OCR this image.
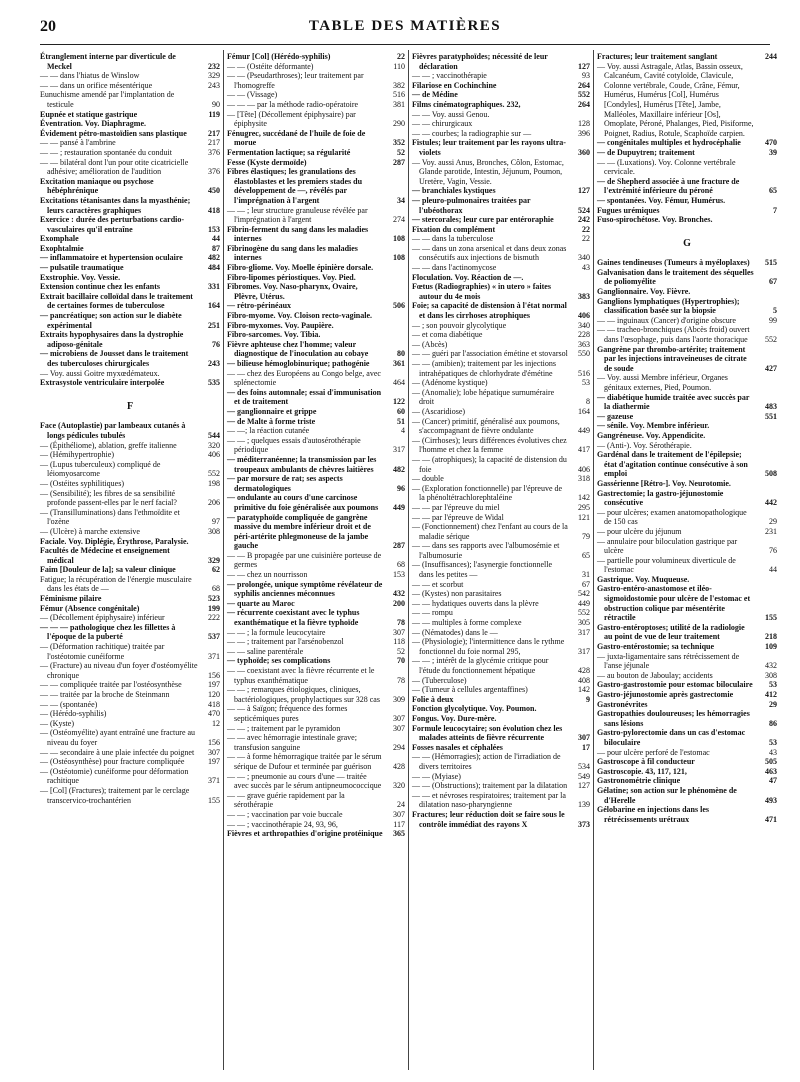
20	TABLE DES MATIÈRES
Étranglement interne par diverticule de Meckel	232
— — dans l'hiatus de Winslow	329
— — dans un orifice mésentérique	243
Eunuchisme amendé par l'implantation de testicule	90
Eupnée et statique gastrique	119
Éventration. Voy. Diaphragme.
Évidement pétro-mastoïdien sans plastique	217
— — pansé à l'ambrine	217
— — ; restauration spontanée du conduit	376
— — bilatéral dont l'un pour otite cicatricielle adhésive; amélioration de l'audition	376
Excitation maniaque ou psychose hébéphrénique	450
Excitations tétanisantes dans la myasthénie; leurs caractères graphiques	418
Exercice : durée des perturbations cardio-vasculaires qu'il entraîne	153
Exomphale	44
Exophtalmie	87
— inflammatoire et hypertension oculaire	482
— pulsatile traumatique	484
Exstrophie. Voy. Vessie.
Extension continue chez les enfants	331
Extrait bacillaire colloïdal dans le traitement de certaines formes de tuberculose	164
— pancréatique; son action sur le diabète expérimental	251
Extraits hypophysaires dans la dystrophie adiposo-génitale	76
— microbiens de Jousset dans le traitement des tuberculoses chirurgicales	243
— Voy. aussi Goitre myxœdémateux.
Extrasystole ventriculaire interpolée	535
F
Face (Autoplastie) par lambeaux cutanés à longs pédicules tubulés	544
— (Épithéliome), ablation, greffe italienne	320
— (Hémihypertrophie)	406
— (Lupus tuberculeux) compliqué de léiomyosarcome	552
— (Ostéites syphilitiques)	198
— (Sensibilité); les fibres de sa sensibilité profonde passent-elles par le nerf facial?	206
— (Transilluminations) dans l'ethmoïdite et l'ozène	97
— (Ulcère) à marche extensive	308
Faciale. Voy. Diplégie, Érythrose, Paralysie.
Facultés de Médecine et enseignement médical	329
Faim [Douleur de la]; sa valeur clinique	62
Fatigue; la récupération de l'énergie musculaire dans les états de —	68
Féminisme pilaire	523
Fémur (Absence congénitale)	199
— (Décollement épiphysaire) inférieur	222
— — — pathologique chez les fillettes à l'époque de la puberté	537
— (Déformation rachitique) traitée par l'ostéotomie cunéiforme	371
— (Fracture) au niveau d'un foyer d'ostéomyélite chronique	156
— — compliquée traitée par l'ostéosynthèse	197
— — traitée par la broche de Steinmann	120
— — (spontanée)	418
— (Hérédo-syphilis)	470
— (Kyste)	12
— (Ostéomyélite) ayant entraîné une fracture au niveau du foyer	156
— — secondaire à une plaie infectée du poignet 307
— (Ostéosynthèse) pour fracture compliquée	197
— (Ostéotomie) cunéiforme pour déformation rachitique	371
— [Col] (Fractures); traitement par le cerclage transcervico-trochantérien	155
Fémur [Col] (Hérédo-syphilis)	22
— — (Ostéite déformante)	110
— — (Pseudarthroses); leur traitement par l'homogreffe	382
— — (Vissage)	516
— — — par la méthode radio-opératoire	381
— [Tête] (Décollement épiphysaire) par épiphysite	290
Fénugrec, succédané de l'huile de foie de morue	352
Fermentation lactique; sa régularité	52
Fesse (Kyste dermoïde)	287
Fibres élastiques; les granulations des élastoblastes et les premiers stades du développement de —, révélés par l'imprégnation à l'argent	34
— — ; leur structure granuleuse révélée par l'imprégnation à l'argent	274
Fibrin-ferment du sang dans les maladies internes	108
Fibrinogène du sang dans les maladies internes	108
Fibro-gliome. Voy. Moelle épinière dorsale.
Fibro-lipomes périostiques. Voy. Pied.
Fibromes. Voy. Naso-pharynx, Ovaire, Plèvre, Utérus.
— rétro-périnéaux	506
Fibro-myome. Voy. Cloison recto-vaginale.
Fibro-myxomes. Voy. Paupière.
Fibro-sarcomes. Voy. Tibia.
Fièvre aphteuse chez l'homme; valeur diagnostique de l'inoculation au cobaye	80
— bilieuse hémoglobinurique; pathogénie	361
— — chez des Européens au Congo belge, avec splénectomie	464
— des foins automnale; essai d'immunisation et de traitement	122
— ganglionnaire et grippe	60
— de Malte à forme triste	51
— —; la réaction cutanée	4
— — ; quelques essais d'autosérothérapie périodique	317
— méditerranéenne; la transmission par les troupeaux ambulants de chèvres laitières 482
— par morsure de rat; ses aspects dermatologiques	96
— ondulante au cours d'une carcinose primitive du foie généralisée aux poumons 449
— paratyphoïde compliquée de gangrène massive du membre inférieur droit et de péri-artérite phlegmoneuse de la jambe gauche	287
— — B propagée par une cuisinière porteuse de germes	68
— — chez un nourrisson	153
— prolongée, unique symptôme révélateur de syphilis anciennes méconnues	432
— quarte au Maroc	200
— récurrente coexistant avec le typhus exanthématique et la fièvre typhoïde	78
— — ; la formule leucocytaire	307
— — ; traitement par l'arsénobenzol	118
— — saline parentérale	52
— typhoïde; ses complications	70
— — coexistant avec la fièvre récurrente et le typhus exanthématique	78
— — ; remarques étiologiques, cliniques, bactériologiques, prophylactiques sur 328 cas 309
— — à Saïgon; fréquence des formes septicémiques pures	307
— — ; traitement par le pyramidon	307
— — avec hémorragie intestinale grave; transfusion sanguine	294
— — à forme hémorragique traitée par le sérum sérique de Dufour et terminée par guérison	428
— — ; pneumonie au cours d'une — traitée avec succès par le sérum antipneumococcique 320
— — grave guérie rapidement par la sérothérapie	24
— — ; vaccination par voie buccale	307
— — ; vaccinothérapie 24, 93, 96,	117
Fièvres et arthropathies d'origine protéinique 365
Fièvres paratyphoïdes; nécessité de leur déclaration	127
— — ; vaccinothérapie	93
Filariose en Cochinchine	264
— de Médine	552
Films cinématographiques. 232,	264
— — Voy. aussi Genou.
— — chirurgicaux	128
— — courbes; la radiographie sur —	396
Fistules; leur traitement par les rayons ultra-violets	360
— Voy. aussi Anus, Bronches, Côlon, Estomac, Glande parotide, Intestin, Jéjunum, Poumon, Uretère, Vagin, Vessie.
— branchiales kystiques	127
— pleuro-pulmonaires traitées par l'ubéothorax	524
— stercorales; leur cure par entéroraphie	242
Fixation du complément	22
— — dans la tuberculose	22
— — dans un zona arsenical et dans deux zonas consécutifs aux injections de bismuth	340
— — dans l'actinomycose	43
Floculation. Voy. Réaction de —.
Fœtus (Radiographies) « in utero » faites autour du 4e mois	383
Foie; sa capacité de distension à l'état normal et dans les cirrhoses atrophiques	406
— ; son pouvoir glycolytique	340
— et coma diabétique	228
— (Abcès)	363
— — guéri par l'association émétine et stovarsol 550
— — (amibien); traitement par les injections intrahépatiques de chlorhydrate d'émétine	516
— (Adénome kystique)	53
— (Anomalie); lobe hépatique surnuméraire droit	8
— (Ascaridiose)	164
— (Cancer) primitif, généralisé aux poumons, s'accompagnant de fièvre ondulante	449
— (Cirrhoses); leurs différences évolutives chez l'homme et chez la femme	417
— — (atrophiques); la capacité de distension du foie	406
— double	318
— (Exploration fonctionnelle) par l'épreuve de la phénoltétrachlorephtaléine	142
— — par l'épreuve du miel	295
— — par l'épreuve de Widal	121
— (Fonctionnement) chez l'enfant au cours de la maladie sérique	79
— — dans ses rapports avec l'albumosémie et l'albumosurie	65
— (Insuffisances); l'asynergie fonctionnelle dans les petites —	31
— — et scorbut	67
— (Kystes) non parasitaires	542
— — hydatiques ouverts dans la plèvre	449
— — rompu	552
— — multiples à forme complexe	305
— (Nématodes) dans le —	317
— (Physiologie); l'intermittence dans le rythme fonctionnel du foie normal 295,	317
— — ; intérêt de la glycémie critique pour l'étude du fonctionnement hépatique	428
— (Tuberculose)	408
— (Tumeur à cellules argentaffines)	142
Folie à deux	9
Fonction glycolytique. Voy. Poumon.
Fongus. Voy. Dure-mère.
Formule leucocytaire; son évolution chez les malades atteints de fièvre récurrente	307
Fosses nasales et céphalées	17
— — (Hémorragies); action de l'irradiation de divers territoires	534
— — (Myiase)	549
— — (Obstructions); traitement par la dilatation 127
— — et névroses respiratoires; traitement par la dilatation naso-pharyngienne	139
Fractures; leur réduction doit se faire sous le contrôle immédiat des rayons X	373
Fractures; leur traitement sanglant	244
— Voy. aussi Astragale, Atlas, Bassin osseux, Calcanéum, Cavité cotyloïde, Clavicule, Colonne vertébrale, Coude, Crâne, Fémur, Humérus, Humérus [Col], Humérus [Condyles], Humérus [Tête], Jambe, Malléoles, Maxillaire inférieur [Os], Omoplate, Péroné, Phalanges, Pied, Pisiforme, Poignet, Radius, Rotule, Scaphoïde carpien.
— congénitales multiples et hydrocéphalie	470
— de Dupuytren; traitement	39
— — (Luxations). Voy. Colonne vertébrale cervicale.
— de Shepherd associée à une fracture de l'extrémité inférieure du péroné	65
— spontanées. Voy. Fémur, Humérus.
Fugues urémiques	7
Fuso-spirochétose. Voy. Bronches.
G
Gaines tendineuses (Tumeurs à myéloplaxes) 515
Galvanisation dans le traitement des séquelles de poliomyélite	67
Ganglionnaire. Voy. Fièvre.
Ganglions lymphatiques (Hypertrophies); classification basée sur la biopsie	5
— — inguinaux (Cancer) d'origine obscure	99
— — tracheo-bronchiques (Abcès froid) ouvert dans l'œsophage, puis dans l'aorte thoracique 552
Gangrène par thrombo-artérite; traitement par les injections intraveineuses de citrate de soude	427
— Voy. aussi Membre inférieur, Organes génitaux externes, Pied, Poumon.
— diabétique humide traitée avec succès par la diathermie	483
— gazeuse	551
— sénile. Voy. Membre inférieur.
Gangréneuse. Voy. Appendicite.
— (Anti-). Voy. Sérothérapie.
Gardénal dans le traitement de l'épilepsie; état d'agitation continue consécutive à son emploi	508
Gassérienne [Rétro-]. Voy. Neurotomie.
Gastrectomie; la gastro-jéjunostomie consécutive	442
— pour ulcères; examen anatomopathologique de 150 cas	29
— pour ulcère du jéjunum	231
— annulaire pour biloculation gastrique par ulcère	76
— partielle pour volumineux diverticule de l'estomac	44
Gastrique. Voy. Muqueuse.
Gastro-entéro-anastomose et iléo-sigmoïdostomie pour ulcère de l'estomac et obstruction colique par mésentérite rétractile	155
Gastro-entéroptoses; utilité de la radiologie au point de vue de leur traitement	218
Gastro-entérostomie; sa technique	109
— juxta-ligamentaire sans rétrécissement de l'anse jéjunale	432
— au bouton de Jaboulay; accidents	308
Gastro-gastrostomie pour estomac biloculaire 53
Gastro-jéjunostomie après gastrectomie	412
Gastronévrites	29
Gastropathies douloureuses; les hémorragies sans lésions	86
Gastro-pylorectomie dans un cas d'estomac biloculaire	53
— pour ulcère perforé de l'estomac	43
Gastroscope à fil conducteur	505
Gastroscopie. 43, 117, 121,	463
Gastronométrie clinique	47
Gélatine; son action sur le phénomène de d'Herelle	493
Gélobarine en injections dans les rétrécissements urétraux	471
